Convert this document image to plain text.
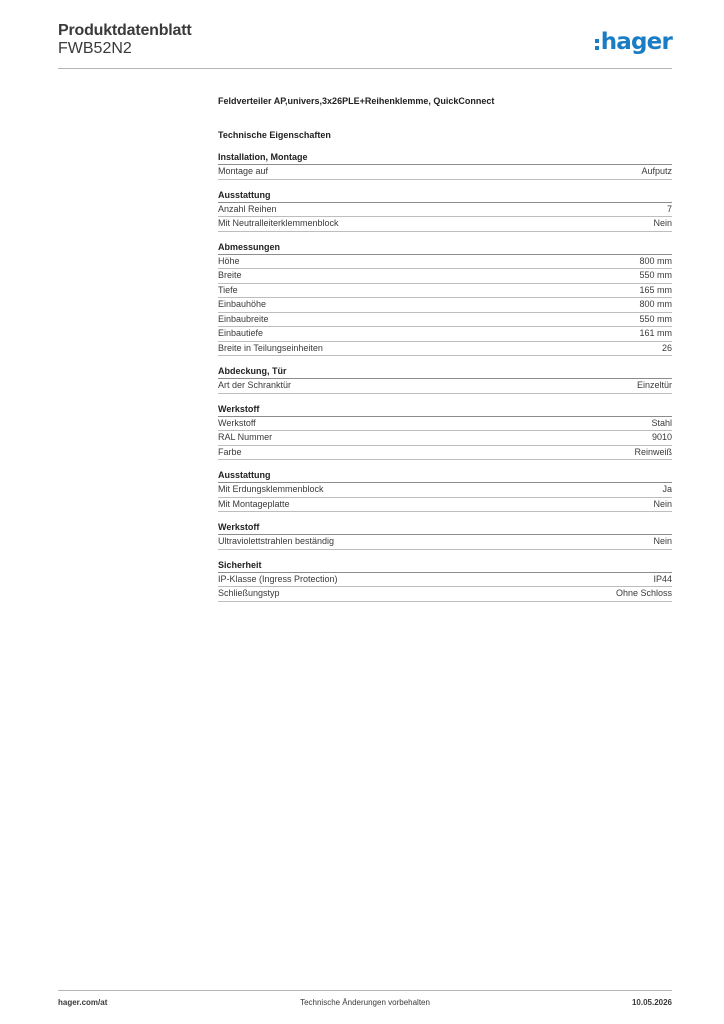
Produktdatenblatt
FWB52N2	hager
Feldverteiler AP,univers,3x26PLE+Reihenklemme, QuickConnect
Technische Eigenschaften
Installation, Montage
Montage auf	Aufputz
Ausstattung
Anzahl Reihen	7
Mit Neutralleiterklemmenblock	Nein
Abmessungen
Höhe	800 mm
Breite	550 mm
Tiefe	165 mm
Einbauhöhe	800 mm
Einbaubreite	550 mm
Einbautiefe	161 mm
Breite in Teilungseinheiten	26
Abdeckung, Tür
Art der Schranktür	Einzeltür
Werkstoff
Werkstoff	Stahl
RAL Nummer	9010
Farbe	Reinweiß
Ausstattung
Mit Erdungsklemmenblock	Ja
Mit Montageplatte	Nein
Werkstoff
Ultraviolettstrahlen beständig	Nein
Sicherheit
IP-Klasse (Ingress Protection)	IP44
Schließungstyp	Ohne Schloss
hager.com/at	Technische Änderungen vorbehalten	10.05.2026
